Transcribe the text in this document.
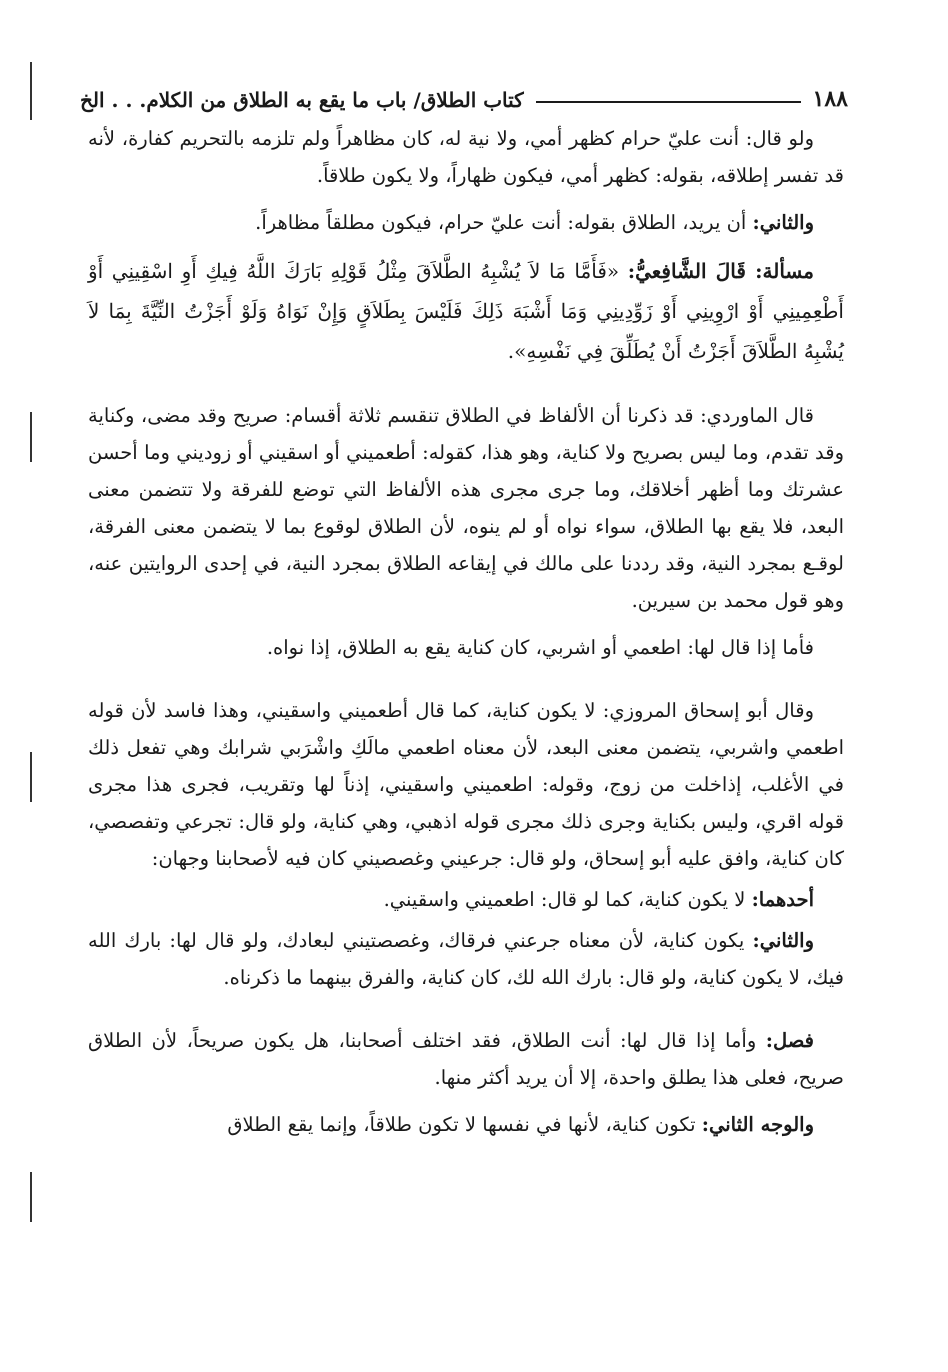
١٨٨
كتاب الطلاق/ باب ما يقع به الطلاق من الكلام. . . الخ

ولو قال: أنت عليّ حرام كظهر أمي، ولا نية له، كان مظاهراً ولم تلزمه بالتحريم كفارة، لأنه قد تفسر إطلاقه، بقوله: كظهر أمي، فيكون ظهاراً، ولا يكون طلاقاً.

والثاني: أن يريد، الطلاق بقوله: أنت عليّ حرام، فيكون مطلقاً مظاهراً.

مسألة: قَالَ الشَّافِعيُّ: «فَأَمَّا مَا لاَ يُشْبِهُ الطَّلاَقَ مِثْلُ قَوْلِهِ بَارَكَ اللَّهُ فِيكِ أَوِ اسْقِينِي أَوْ أَطْعِمِينِي أَوْ ارْوِينِي أَوْ زَوِّدِينِي وَمَا أَشْبَهَ ذَلِكَ فَلَيْسَ بِطَلاَقٍ وَإِنْ نَوَاهُ وَلَوْ أَجَزْتُ النِّيَّةَ بِمَا لاَ يُشْبِهُ الطَّلاَقَ أَجَزْتُ أَنْ يُطَلِّقَ فِي نَفْسِهِ».

قال الماوردي: قد ذكرنا أن الألفاظ في الطلاق تنقسم ثلاثة أقسام: صريح وقد مضى، وكناية وقد تقدم، وما ليس بصريح ولا كناية، وهو هذا، كقوله: أطعميني أو اسقيني أو زوديني وما أحسن عشرتك وما أظهر أخلاقك، وما جرى مجرى هذه الألفاظ التي توضع للفرقة ولا تتضمن معنى البعد، فلا يقع بها الطلاق، سواء نواه أو لم ينوه، لأن الطلاق لوقوع بما لا يتضمن معنى الفرقة، لوقـع بمجرد النية، وقد رددنا على مالك في إيقاعه الطلاق بمجرد النية، في إحدى الروايتين عنه، وهو قول محمد بن سيرين.

فأما إذا قال لها: اطعمي أو اشربي، كان كناية يقع به الطلاق، إذا نواه.

وقال أبو إسحاق المروزي: لا يكون كناية، كما قال أطعميني واسقيني، وهذا فاسد لأن قوله اطعمي واشربي، يتضمن معنى البعد، لأن معناه اطعمي مالَكِ واشْرَبي شرابك وهي تفعل ذلك في الأغلب، إذاخلت من زوج، وقوله: اطعميني واسقيني، إذناً لها وتقريب، فجرى هذا مجرى قوله اقري، وليس بكناية وجرى ذلك مجرى قوله اذهبي، وهي كناية، ولو قال: تجرعي وتفصصي، كان كناية، وافق عليه أبو إسحاق، ولو قال: جرعيني وغصصيني كان فيه لأصحابنا وجهان:

أحدهما: لا يكون كناية، كما لو قال: اطعميني واسقيني.

والثاني: يكون كناية، لأن معناه جرعني فرقاك، وغصصتيني لبعادك، ولو قال لها: بارك الله فيك، لا يكون كناية، ولو قال: بارك الله لك، كان كناية، والفرق بينهما ما ذكرناه.

فصل: وأما إذا قال لها: أنت الطلاق، فقد اختلف أصحابنا، هل يكون صريحاً، لأن الطلاق صريح، فعلى هذا يطلق واحدة، إلا أن يريد أكثر منها.

والوجه الثاني: تكون كناية، لأنها في نفسها لا تكون طلاقاً، وإنما يقع الطلاق
